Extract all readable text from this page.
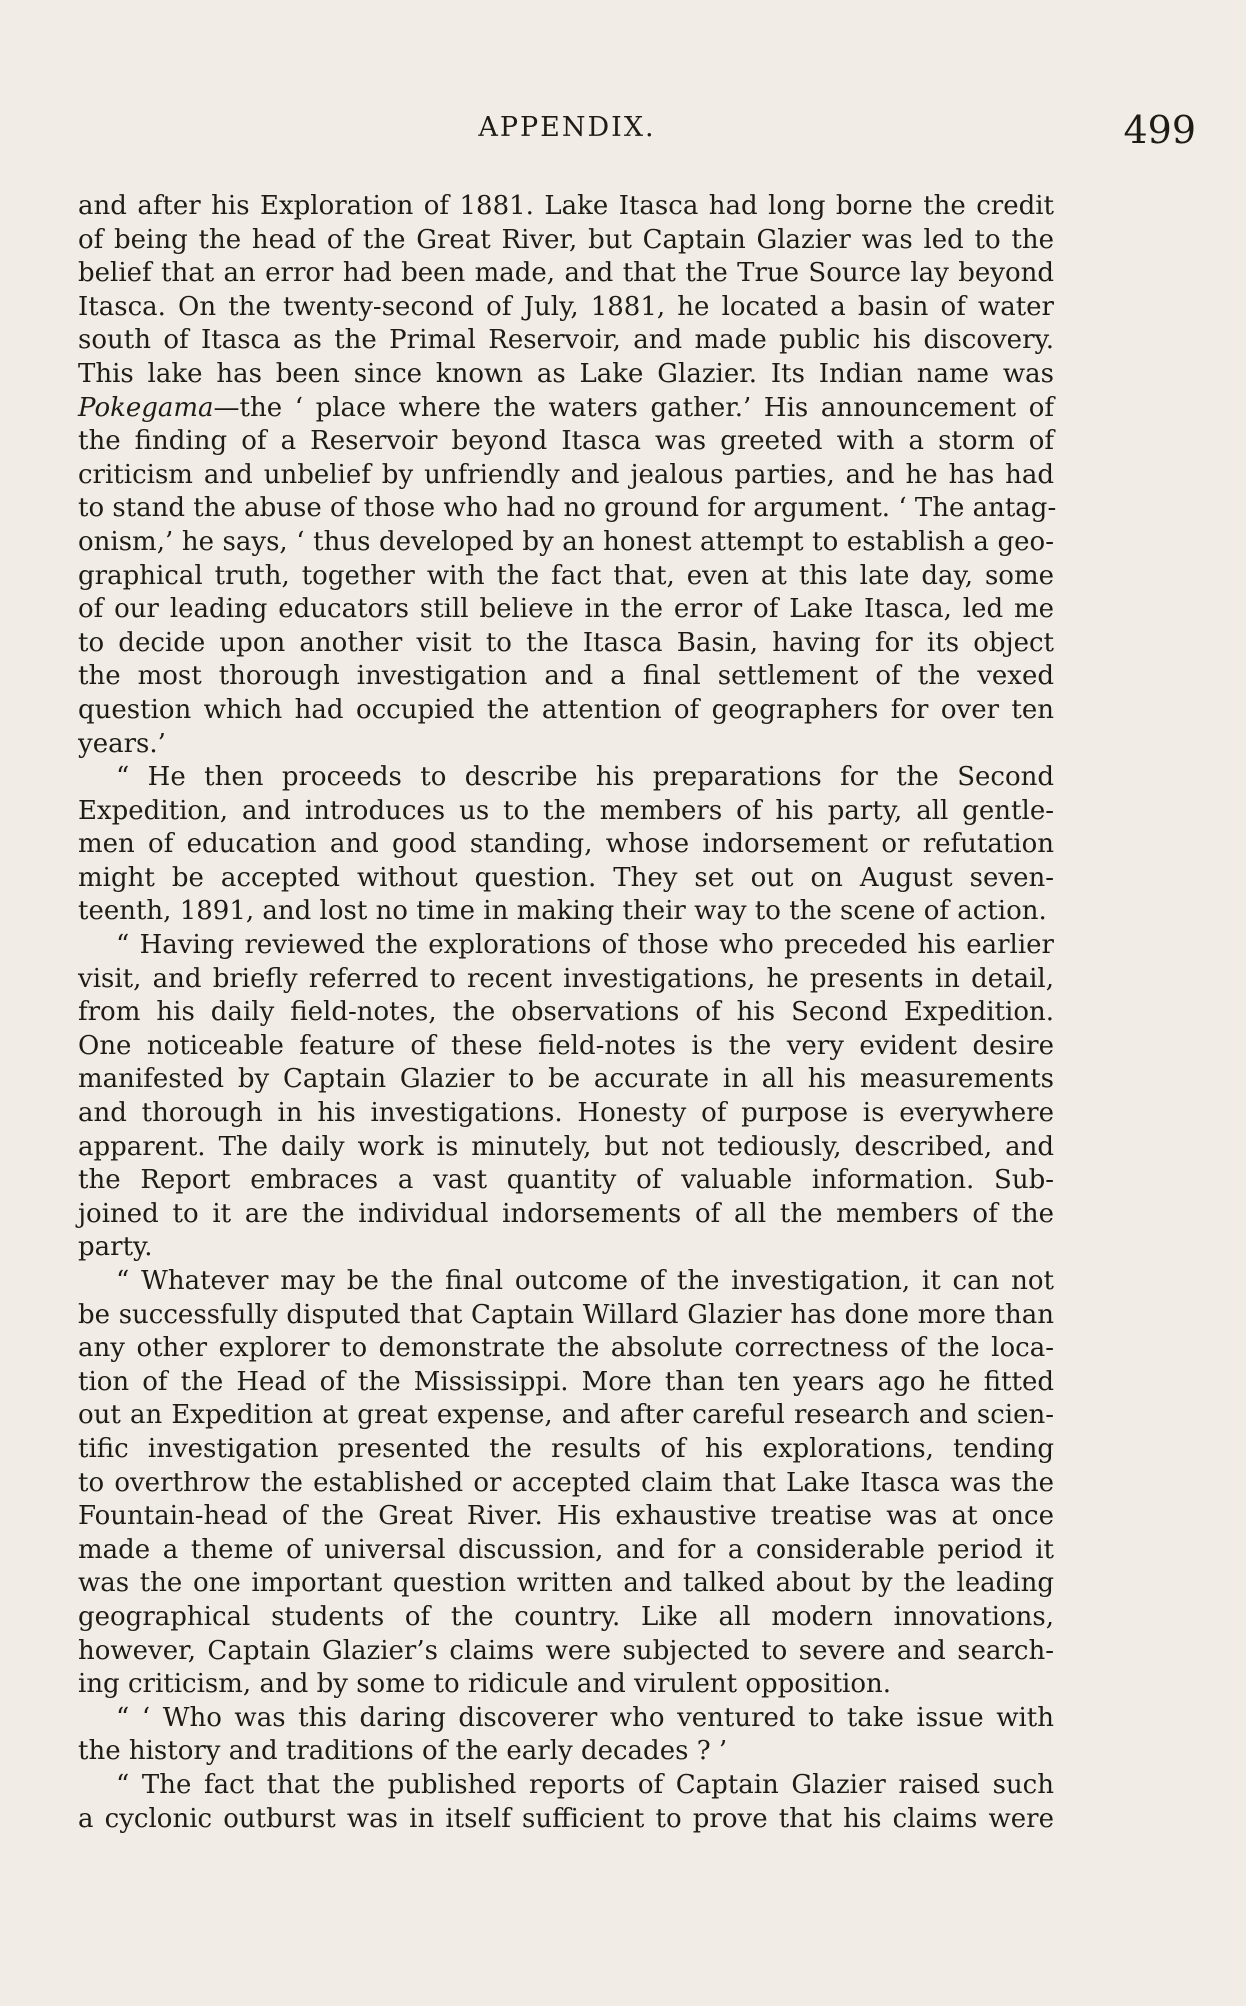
APPENDIX.	499
and after his Exploration of 1881. Lake Itasca had long borne the credit
of being the head of the Great River, but Captain Glazier was led to the
belief that an error had been made, and that the True Source lay beyond
Itasca. On the twenty-second of July, 1881, he located a basin of water
south of Itasca as the Primal Reservoir, and made public his discovery.
This lake has been since known as Lake Glazier. Its Indian name was
Pokegama—the ‘ place where the waters gather.’ His announcement of
the finding of a Reservoir beyond Itasca was greeted with a storm of
criticism and unbelief by unfriendly and jealous parties, and he has had
to stand the abuse of those who had no ground for argument. ‘ The antag-
onism,’ he says, ‘ thus developed by an honest attempt to establish a geo-
graphical truth, together with the fact that, even at this late day, some
of our leading educators still believe in the error of Lake Itasca, led me
to decide upon another visit to the Itasca Basin, having for its object
the most thorough investigation and a final settlement of the vexed
question which had occupied the attention of geographers for over ten
years.’
“ He then proceeds to describe his preparations for the Second
Expedition, and introduces us to the members of his party, all gentle-
men of education and good standing, whose indorsement or refutation
might be accepted without question. They set out on August seven-
teenth, 1891, and lost no time in making their way to the scene of action.
“ Having reviewed the explorations of those who preceded his earlier
visit, and briefly referred to recent investigations, he presents in detail,
from his daily field-notes, the observations of his Second Expedition.
One noticeable feature of these field-notes is the very evident desire
manifested by Captain Glazier to be accurate in all his measurements
and thorough in his investigations. Honesty of purpose is everywhere
apparent. The daily work is minutely, but not tediously, described, and
the Report embraces a vast quantity of valuable information. Sub-
joined to it are the individual indorsements of all the members of the
party.
“ Whatever may be the final outcome of the investigation, it can not
be successfully disputed that Captain Willard Glazier has done more than
any other explorer to demonstrate the absolute correctness of the loca-
tion of the Head of the Mississippi. More than ten years ago he fitted
out an Expedition at great expense, and after careful research and scien-
tific investigation presented the results of his explorations, tending
to overthrow the established or accepted claim that Lake Itasca was the
Fountain-head of the Great River. His exhaustive treatise was at once
made a theme of universal discussion, and for a considerable period it
was the one important question written and talked about by the leading
geographical students of the country. Like all modern innovations,
however, Captain Glazier’s claims were subjected to severe and search-
ing criticism, and by some to ridicule and virulent opposition.
“ ‘ Who was this daring discoverer who ventured to take issue with
the history and traditions of the early decades ? ’
“ The fact that the published reports of Captain Glazier raised such
a cyclonic outburst was in itself sufficient to prove that his claims were
